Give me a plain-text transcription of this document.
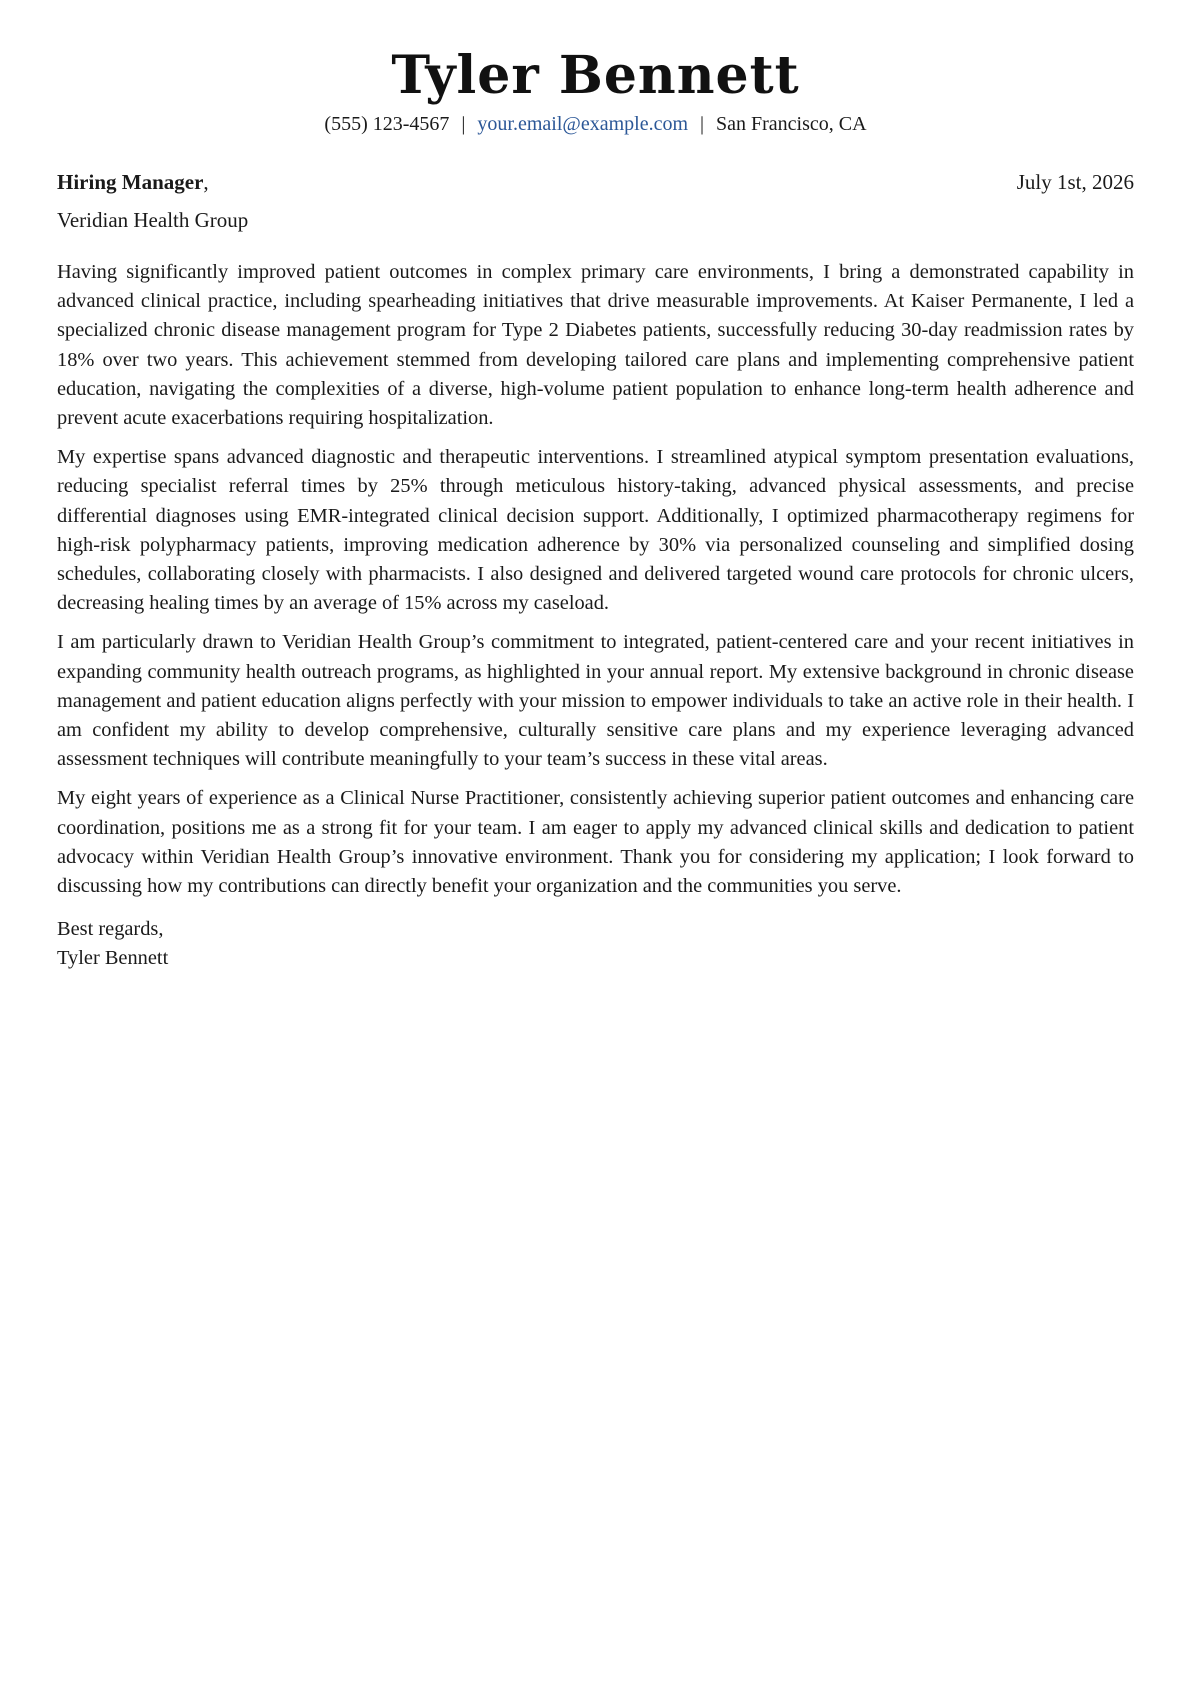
Tyler Bennett
(555) 123-4567 | your.email@example.com | San Francisco, CA
Hiring Manager,	July 1st, 2026
Veridian Health Group

Having significantly improved patient outcomes in complex primary care environments, I bring a demonstrated capability in advanced clinical practice, including spearheading initiatives that drive measurable improvements. At Kaiser Permanente, I led a specialized chronic disease management program for Type 2 Diabetes patients, successfully reducing 30-day readmission rates by 18% over two years. This achievement stemmed from developing tailored care plans and implementing comprehensive patient education, navigating the complexities of a diverse, high-volume patient population to enhance long-term health adherence and prevent acute exacerbations requiring hospitalization.

My expertise spans advanced diagnostic and therapeutic interventions. I streamlined atypical symptom presentation evaluations, reducing specialist referral times by 25% through meticulous history-taking, advanced physical assessments, and precise differential diagnoses using EMR-integrated clinical decision support. Additionally, I optimized pharmacotherapy regimens for high-risk polypharmacy patients, improving medication adherence by 30% via personalized counseling and simplified dosing schedules, collaborating closely with pharmacists. I also designed and delivered targeted wound care protocols for chronic ulcers, decreasing healing times by an average of 15% across my caseload.

I am particularly drawn to Veridian Health Group’s commitment to integrated, patient-centered care and your recent initiatives in expanding community health outreach programs, as highlighted in your annual report. My extensive background in chronic disease management and patient education aligns perfectly with your mission to empower individuals to take an active role in their health. I am confident my ability to develop comprehensive, culturally sensitive care plans and my experience leveraging advanced assessment techniques will contribute meaningfully to your team’s success in these vital areas.

My eight years of experience as a Clinical Nurse Practitioner, consistently achieving superior patient outcomes and enhancing care coordination, positions me as a strong fit for your team. I am eager to apply my advanced clinical skills and dedication to patient advocacy within Veridian Health Group’s innovative environment. Thank you for considering my application; I look forward to discussing how my contributions can directly benefit your organization and the communities you serve.

Best regards,
Tyler Bennett
